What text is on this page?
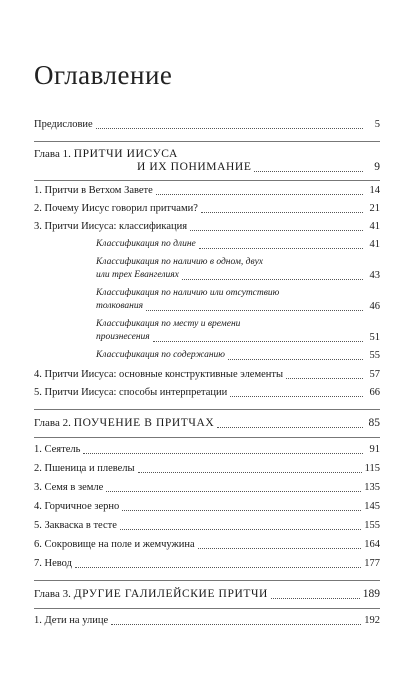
Оглавление
Предисловие	5
Глава 1. ПРИТЧИ ИИСУСА
И ИХ ПОНИМАНИЕ	9
1. Притчи в Ветхом Завете	14
2. Почему Иисус говорил притчами?	21
3. Притчи Иисуса: классификация	41
Классификация по длине	41
Классификация по наличию в одном, двух
или трех Евангелиях	43
Классификация по наличию или отсутствию
толкования	46
Классификация по месту и времени
произнесения	51
Классификация по содержанию	55
4. Притчи Иисуса: основные конструктивные элементы	57
5. Притчи Иисуса: способы интерпретации	66
Глава 2. ПОУЧЕНИЕ В ПРИТЧАХ	85
1. Сеятель	91
2. Пшеница и плевелы	115
3. Семя в земле	135
4. Горчичное зерно	145
5. Закваска в тесте	155
6. Сокровище на поле и жемчужина	164
7. Невод	177
Глава 3. ДРУГИЕ ГАЛИЛЕЙСКИЕ ПРИТЧИ	189
1. Дети на улице	192
